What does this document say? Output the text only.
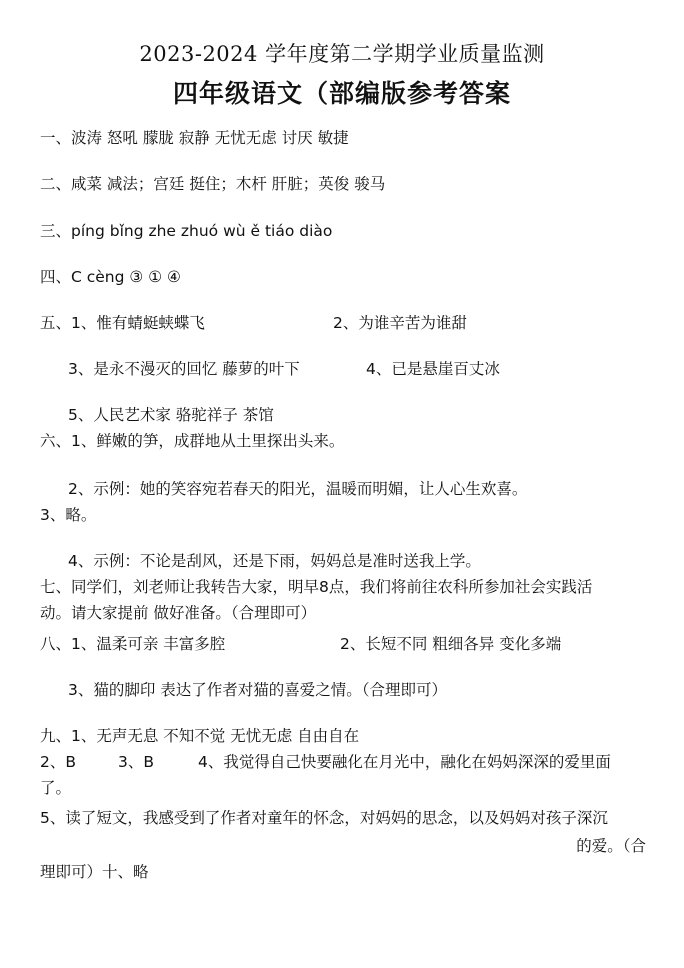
2023-2024 学年度第二学期学业质量监测
四年级语文（部编版参考答案
一、波涛 怒吼 朦胧 寂静 无忧无虑 讨厌 敏捷
二、咸菜 减法；宫廷 挺住；木杆 肝脏；英俊 骏马
三、píng bǐng zhe zhuó wù ě tiáo diào
四、C cèng ③ ① ④
五、1、惟有蜻蜓蛱蝶飞	2、为谁辛苦为谁甜
3、是永不漫灭的回忆 藤萝的叶下	4、已是悬崖百丈冰
5、人民艺术家 骆驼祥子 茶馆
六、1、鲜嫩的笋，成群地从土里探出头来。
2、示例：她的笑容宛若春天的阳光，温暖而明媚，让人心生欢喜。
3、略。
4、示例：不论是刮风，还是下雨，妈妈总是准时送我上学。
七、同学们，刘老师让我转告大家，明早8点，我们将前往农科所参加社会实践活
动。请大家提前 做好准备。（合理即可）
八、1、温柔可亲 丰富多腔	2、长短不同 粗细各异 变化多端
3、猫的脚印 表达了作者对猫的喜爱之情。（合理即可）
九、1、无声无息 不知不觉 无忧无虑 自由自在
2、B	3、B	4、我觉得自己快要融化在月光中，融化在妈妈深深的爱里面
了。
5、读了短文，我感受到了作者对童年的怀念，对妈妈的思念，以及妈妈对孩子深沉
的爱。（合
理即可）十、略
